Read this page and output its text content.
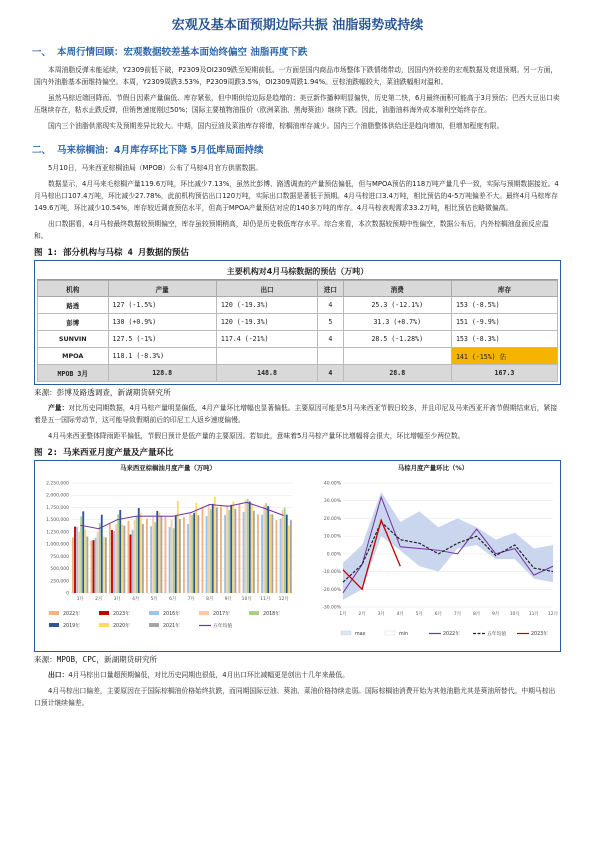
宏观及基本面预期边际共振 油脂弱势或持续
一、 本周行情回顾：宏观数据较差基本面始终偏空 油脂再度下跌

本周油脂反弹未能延续，Y2309前低下破，P2309及OI2309跌至短期前低。一方面是国内商品市场整体下跌情绪带动，因国内外较差的宏观数据及衰退预期。另一方面，国内外油脂基本面维持偏空。本周，Y2309周跌3.53%，P2309周跌3.5%，OI2309周跌1.94%。豆棕油跌幅较大，菜油跌幅相对温和。

虽然马棕近端回降而、节假日因素产量偏低、库存紧张，但中期供给边际是趋增的；美豆新作播种明显偏快，历史第二快，6月最终面积可能高于3月预估；巴西大豆出口卖压继续存在，粘水止跌反弹，但销售速度刚过50%；国际主要植物油报价（欧洲菜油、黑海葵油）继续下跌。因此，油脂油料海外成本端利空始终存在。

国内三个油脂供需现实及预期差异比较大。中期，国内豆油及菜油库存将增，棕榈油库存减少。国内三个油脂整体供给还是趋向增加，但增加程度有限。

二、 马来棕榈油：4月库存环比下降 5月低库局面持续

5月10日，马来西亚棕榈油局（MPOB）公布了马棕4月官方供需数据。

数据显示，4月马来毛棕榈产量119.6万吨，环比减少7.13%，虽然比彭博、路透调查的产量预估偏低，但与MPOA预估的118万吨产量几乎一致，实际与预期数据接近。4月马棕出口107.4万吨，环比减少27.78%，此前机构预估出口120万吨，实际出口数据是著低于预期。4月马棕进口3.4万吨，相比预估的4-5万吨偏差不大。最终4月马棕库存149.6万吨，环比减少10.54%，库存较近调查预估水平，但高于MPOA产量预估对应的140多万吨的库存。4月马棕表观需求33.2万吨，相比预估也略微偏高。

出口数据看，4月马棕最终数据较预期偏空，库存虽较预期稍高，却仍是历史极低库存水平。综合来看，本次数据较预期中性偏空，数据公布后，内外棕榈油盘面反应温和。

图 1: 部分机构与马棕 4 月数据的预估
主要机构对4月马棕数据的预估（万吨）
机构	产量	出口	进口	消费	库存
路透	127 (-1.5%)	120 (-19.3%)	4	25.3 (-12.1%)	153 (-8.5%)
彭博	130 (+0.9%)	120 (-19.3%)	5	31.3 (+8.7%)	151 (-9.9%)
SUNVIN	127.5 (-1%)	117.4 (-21%)	4	28.5 (-1.28%)	153 (-8.3%)
MPOA	118.1 (-8.3%)				141 (-15%) 估
MPOB 3月	128.8	148.8	4	28.8	167.3
来源：彭博及路透调查，新湖期货研究所

产量：对比历史同期数据，4月马棕产量明显偏低，4月产量环比增幅也显著偏低。主要原因可能是5月马来西亚节假日较多，并且印尼及马来西亚开斋节假期结束后，紧接着是五一国际劳动节，这可能导致假期前后的印尼工人返乡速度偏慢。

4月马来西亚整体降雨距平偏低，节假日预计是低产量的主要原因。若如此，意味着5月马棕产量环比增幅将会很大，环比增幅至少两位数。

图 2: 马来西亚月度产量及产量环比
马来西亚棕榈油月度产量（万吨）
0
250,000
500,000
750,000
1,000,000
1,250,000
1,500,000
1,750,000
2,000,000
2,250,000
1月 2月 3月 4月 5月 6月 7月 8月 9月 10月 11月 12月
2022年	2023年	2016年	2017年	2018年
2019年	2020年	2021年	五年均值
马棕月度产量环比（%）
-30.00%
-20.00%
-10.00%
0.00%
10.00%
20.00%
30.00%
40.00%
1月	2月	3月	4月	5月	6月	7月	8月	9月 10月 11月 12月
max	min	2022年	五年均值	2023年
来源：MPOB，CPC，新湖期货研究所

出口：4月马棕出口量超预期偏低，对比历史同期也很低，4月出口环比减幅更是创出十几年来最低。

4月马棕出口偏差，主要原因在于国际棕榈油价格始终抗跌，而同期国际豆油、葵油、菜油价格持续走弱。国际棕榈油消费开始为其他油脂尤其是葵油所替代。中期马棕出口预计继续偏差。
